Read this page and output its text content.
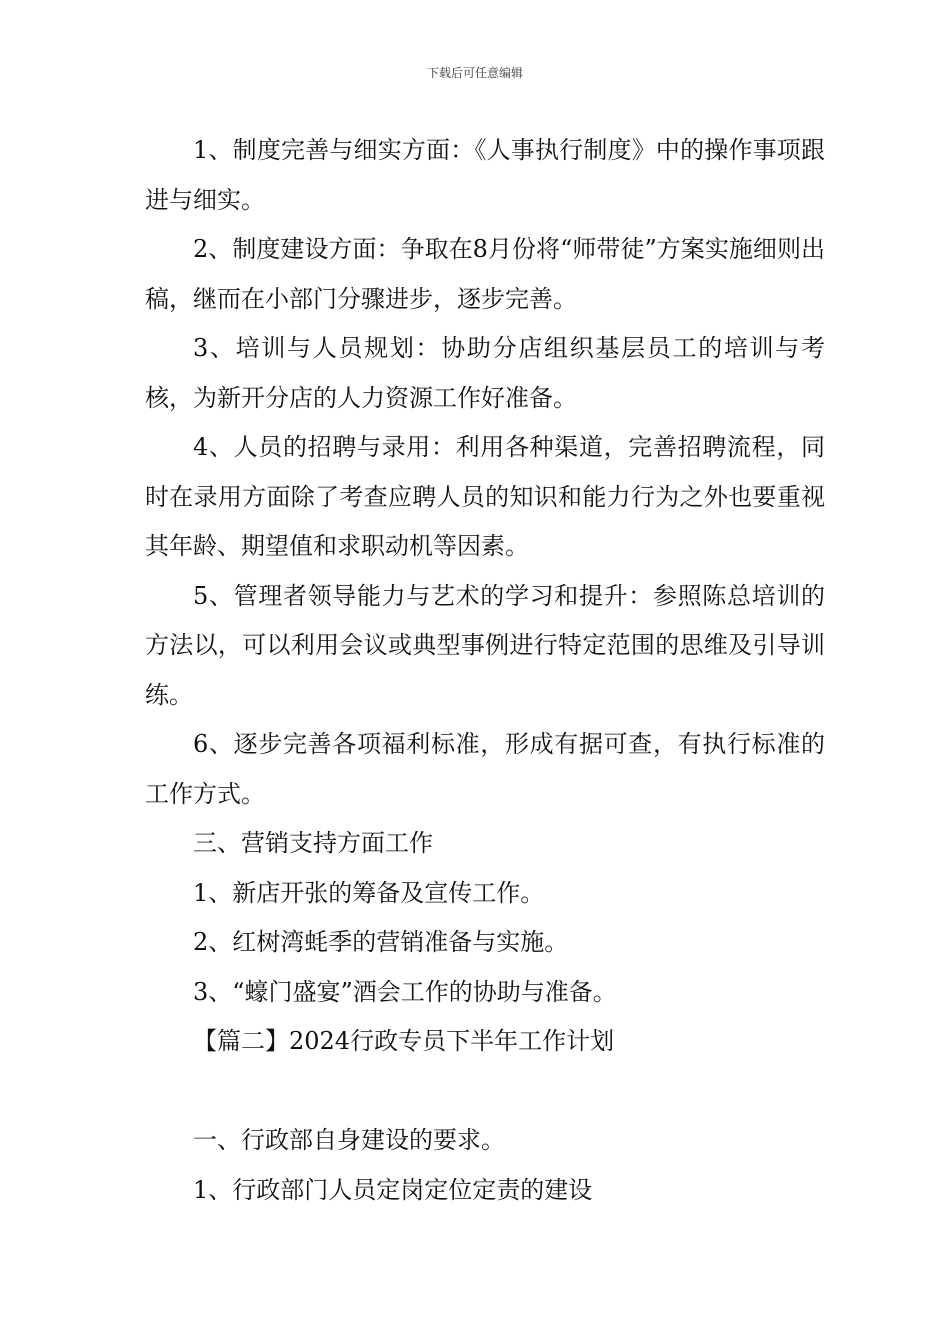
下载后可任意编辑

1、制度完善与细实方面：《人事执行制度》中的操作事项跟进与细实。

2、制度建设方面：争取在8月份将“师带徒”方案实施细则出稿，继而在小部门分骤进步，逐步完善。

3、培训与人员规划：协助分店组织基层员工的培训与考核，为新开分店的人力资源工作好准备。

4、人员的招聘与录用：利用各种渠道，完善招聘流程，同时在录用方面除了考查应聘人员的知识和能力行为之外也要重视其年龄、期望值和求职动机等因素。

5、管理者领导能力与艺术的学习和提升：参照陈总培训的方法以，可以利用会议或典型事例进行特定范围的思维及引导训练。

6、逐步完善各项福利标准，形成有据可查，有执行标准的工作方式。

三、营销支持方面工作

1、新店开张的筹备及宣传工作。

2、红树湾蚝季的营销准备与实施。

3、“蠔门盛宴”酒会工作的协助与准备。

【篇二】2024行政专员下半年工作计划

一、行政部自身建设的要求。

1、行政部门人员定岗定位定责的建设
